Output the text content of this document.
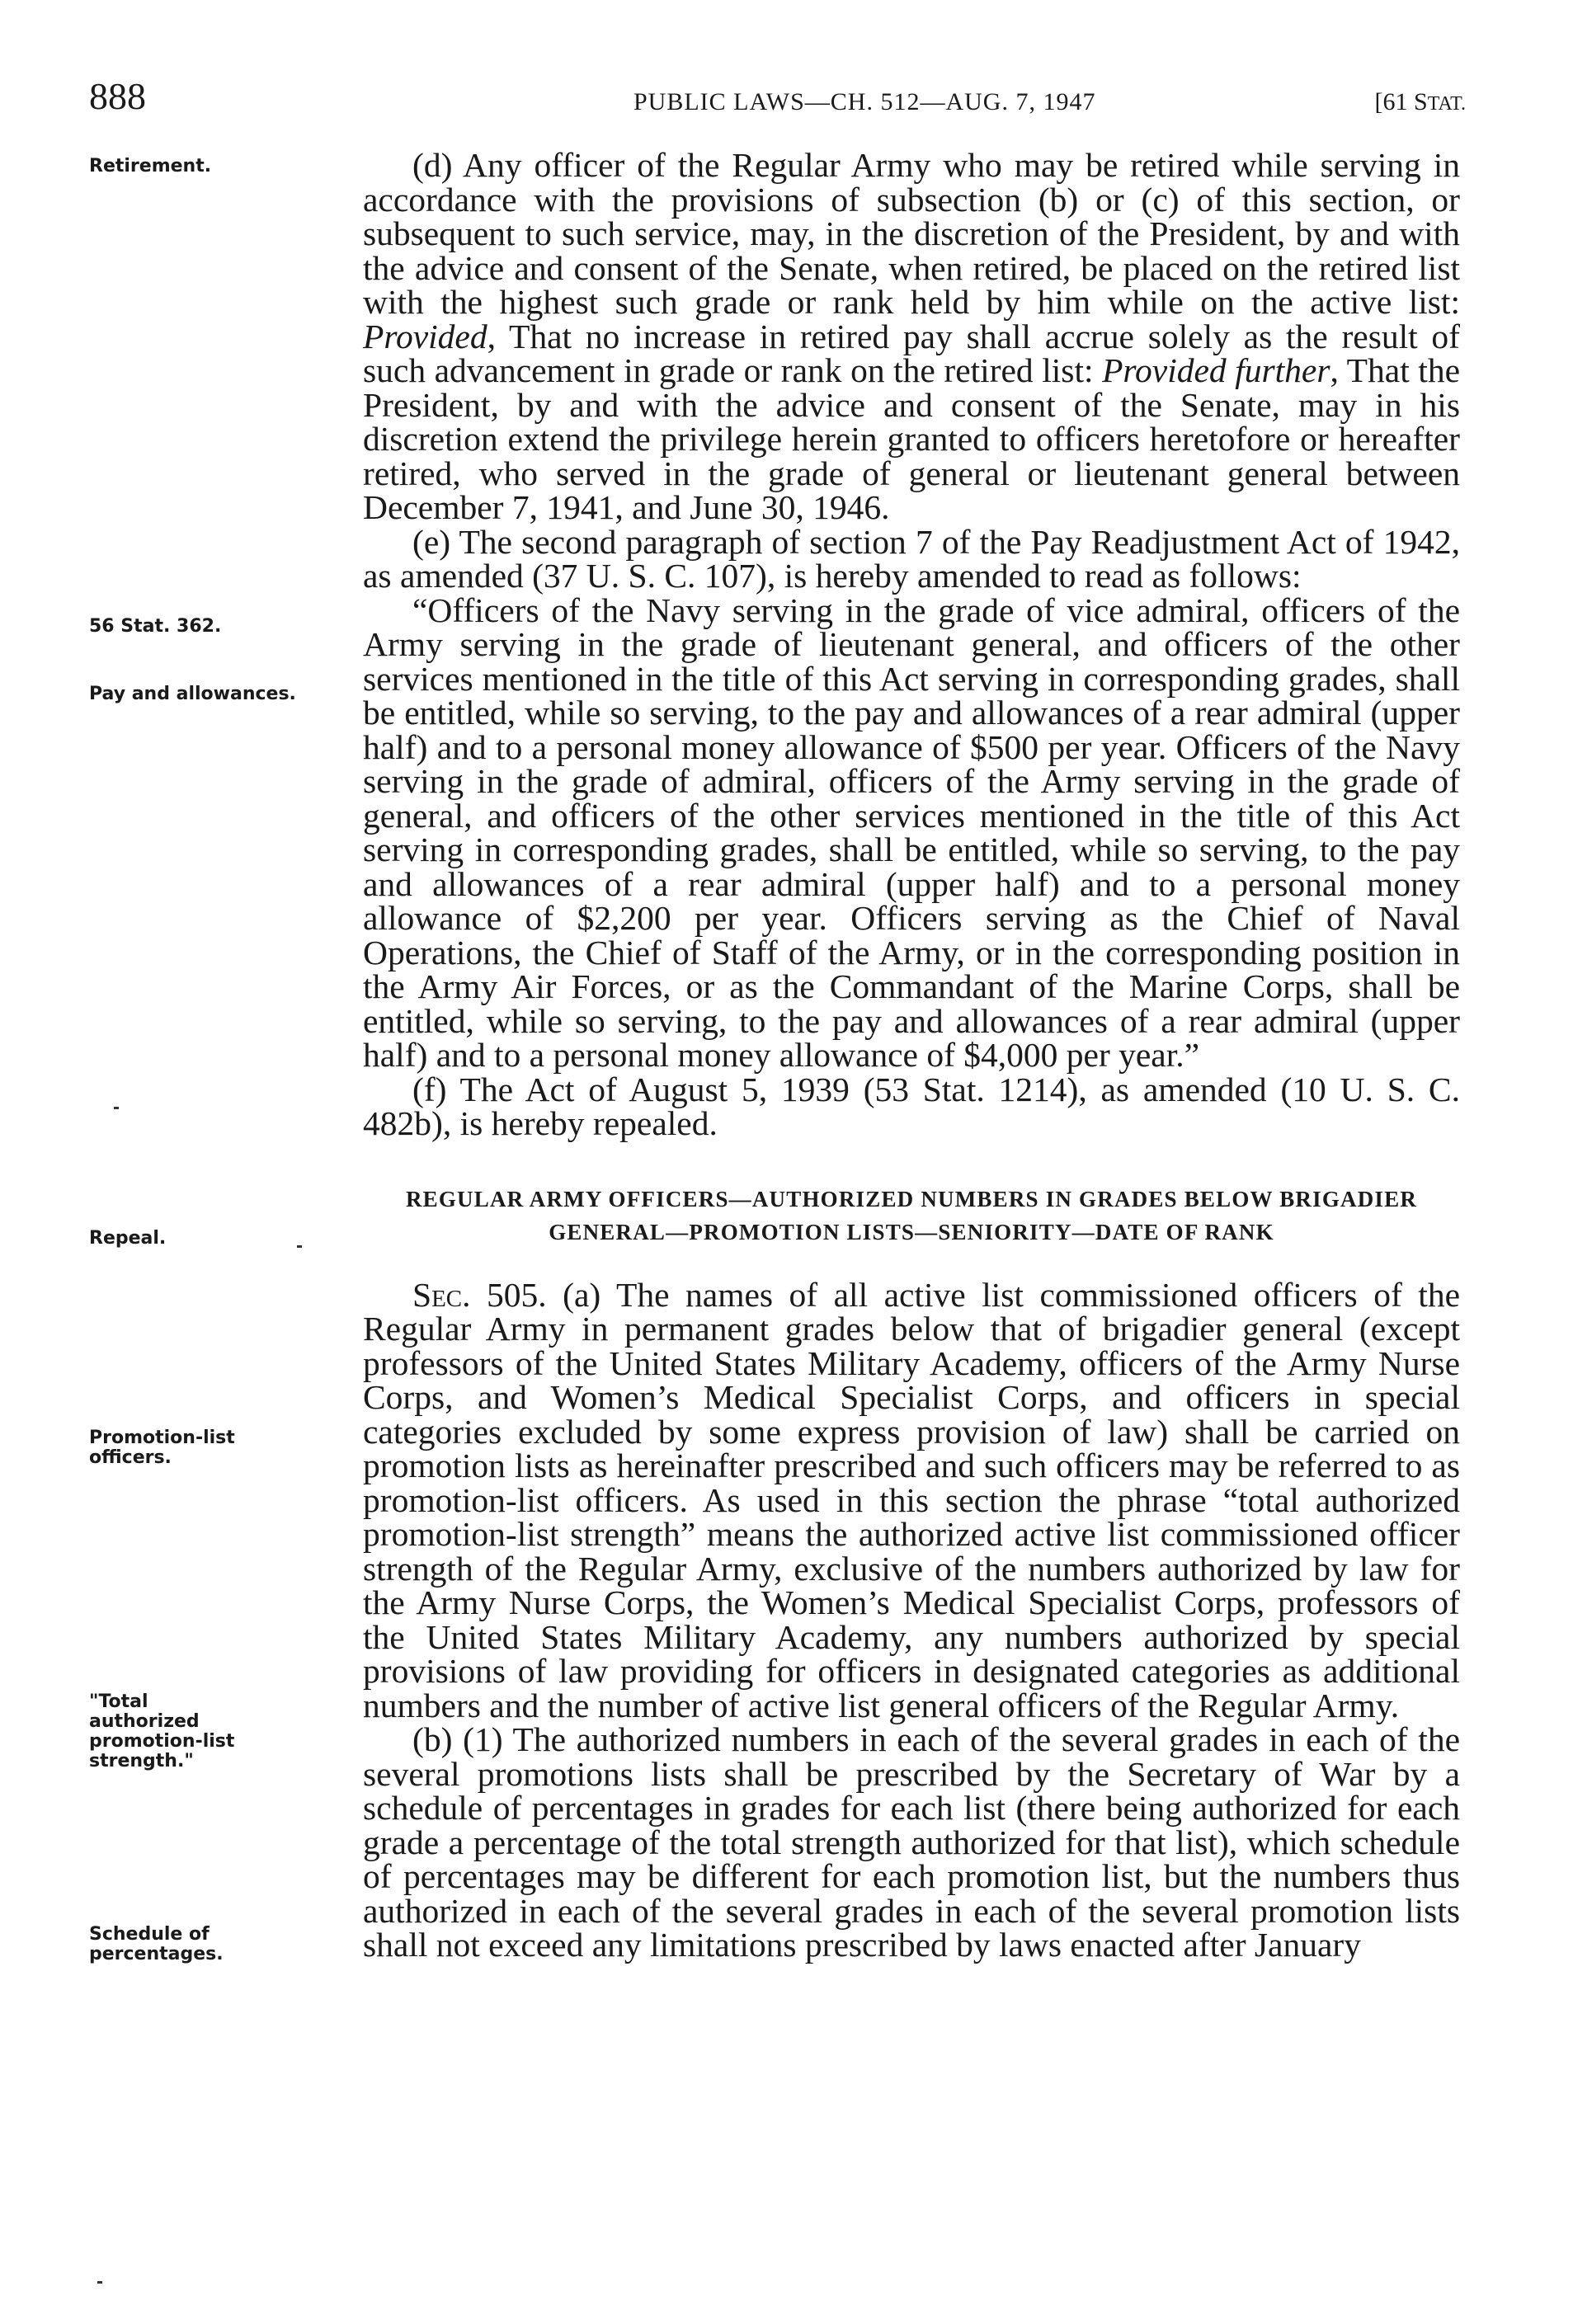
888	PUBLIC LAWS—CH. 512—AUG. 7, 1947	[61 STAT.
Retirement.
56 Stat. 362.
Pay and allowances.
Repeal.
Promotion-list officers.
"Total authorized promotion-list strength."
Schedule of percentages.

(d) Any officer of the Regular Army who may be retired while serving in accordance with the provisions of subsection (b) or (c) of this section, or subsequent to such service, may, in the discretion of the President, by and with the advice and consent of the Senate, when retired, be placed on the retired list with the highest such grade or rank held by him while on the active list: Provided, That no increase in retired pay shall accrue solely as the result of such advancement in grade or rank on the retired list: Provided further, That the President, by and with the advice and consent of the Senate, may in his discretion extend the privilege herein granted to officers heretofore or hereafter retired, who served in the grade of general or lieutenant general between December 7, 1941, and June 30, 1946.

(e) The second paragraph of section 7 of the Pay Readjustment Act of 1942, as amended (37 U. S. C. 107), is hereby amended to read as follows:

“Officers of the Navy serving in the grade of vice admiral, officers of the Army serving in the grade of lieutenant general, and officers of the other services mentioned in the title of this Act serving in corresponding grades, shall be entitled, while so serving, to the pay and allowances of a rear admiral (upper half) and to a personal money allowance of $500 per year. Officers of the Navy serving in the grade of admiral, officers of the Army serving in the grade of general, and officers of the other services mentioned in the title of this Act serving in corresponding grades, shall be entitled, while so serving, to the pay and allowances of a rear admiral (upper half) and to a personal money allowance of $2,200 per year. Officers serving as the Chief of Naval Operations, the Chief of Staff of the Army, or in the corresponding position in the Army Air Forces, or as the Commandant of the Marine Corps, shall be entitled, while so serving, to the pay and allowances of a rear admiral (upper half) and to a personal money allowance of $4,000 per year.”

(f) The Act of August 5, 1939 (53 Stat. 1214), as amended (10 U. S. C. 482b), is hereby repealed.

REGULAR ARMY OFFICERS—AUTHORIZED NUMBERS IN GRADES BELOW BRIGADIER GENERAL—PROMOTION LISTS—SENIORITY—DATE OF RANK

Sec. 505. (a) The names of all active list commissioned officers of the Regular Army in permanent grades below that of brigadier general (except professors of the United States Military Academy, officers of the Army Nurse Corps, and Women’s Medical Specialist Corps, and officers in special categories excluded by some express provision of law) shall be carried on promotion lists as hereinafter prescribed and such officers may be referred to as promotion-list officers. As used in this section the phrase “total authorized promotion-list strength” means the authorized active list commissioned officer strength of the Regular Army, exclusive of the numbers authorized by law for the Army Nurse Corps, the Women’s Medical Specialist Corps, professors of the United States Military Academy, any numbers authorized by special provisions of law providing for officers in designated categories as additional numbers and the number of active list general officers of the Regular Army.

(b) (1) The authorized numbers in each of the several grades in each of the several promotions lists shall be prescribed by the Secretary of War by a schedule of percentages in grades for each list (there being authorized for each grade a percentage of the total strength authorized for that list), which schedule of percentages may be different for each promotion list, but the numbers thus authorized in each of the several grades in each of the several promotion lists shall not exceed any limitations prescribed by laws enacted after January
